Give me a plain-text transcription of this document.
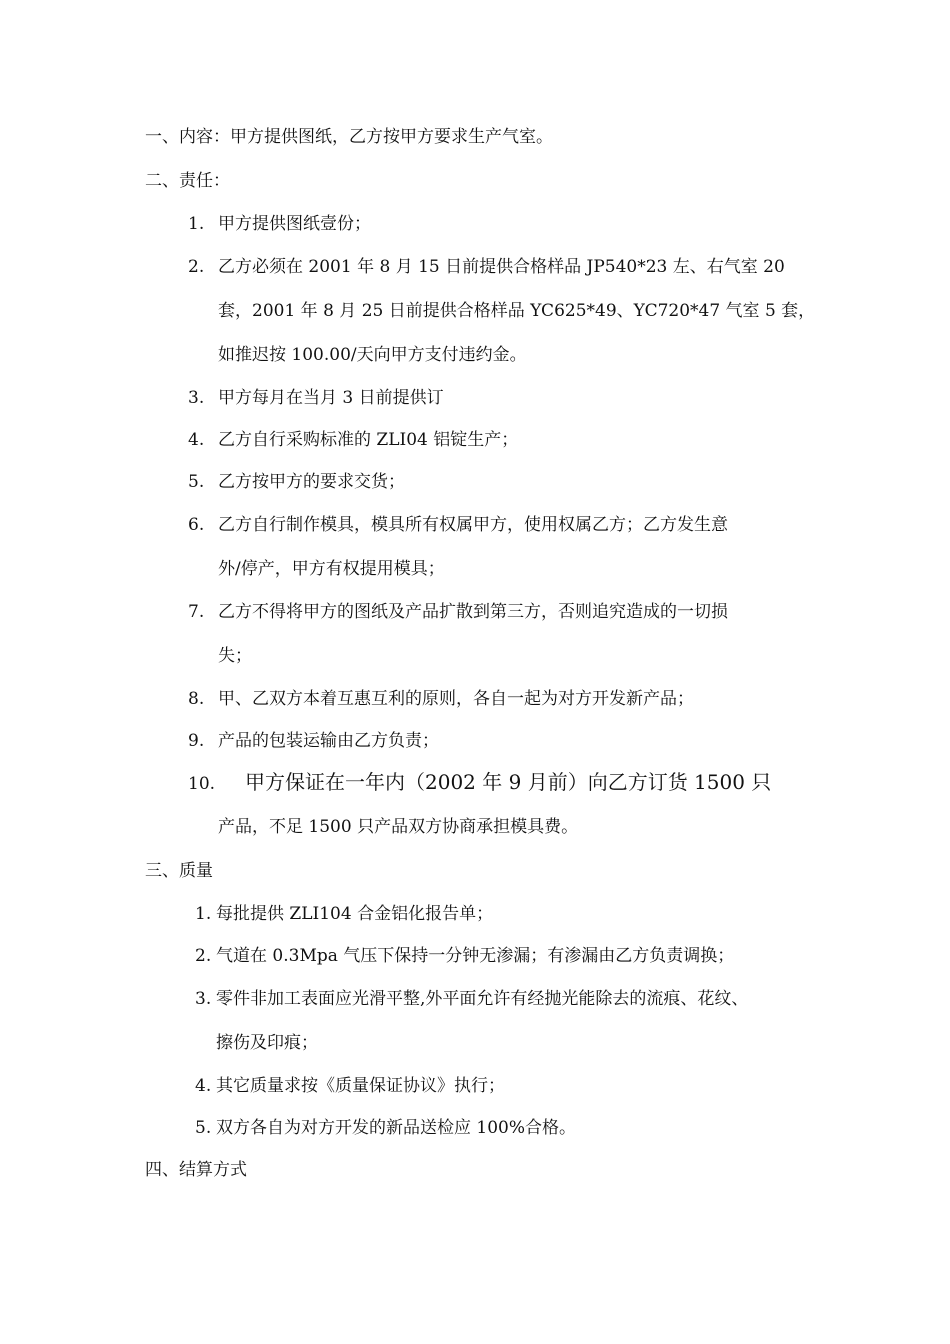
一、内容：甲方提供图纸，乙方按甲方要求生产气室。
二、责任：
1. 甲方提供图纸壹份；
2. 乙方必须在 2001 年 8 月 15 日前提供合格样品 JP540*23 左、右气室 20
套，2001 年 8 月 25 日前提供合格样品 YC625*49、YC720*47 气室 5 套，
如推迟按 100.00/天向甲方支付违约金。
3. 甲方每月在当月 3 日前提供订
4. 乙方自行采购标准的 ZLI04 铝锭生产；
5. 乙方按甲方的要求交货；
6. 乙方自行制作模具，模具所有权属甲方，使用权属乙方；乙方发生意
外/停产，甲方有权提用模具；
7. 乙方不得将甲方的图纸及产品扩散到第三方，否则追究造成的一切损
失；
8. 甲、乙双方本着互惠互利的原则，各自一起为对方开发新产品；
9. 产品的包装运输由乙方负责；
10. 甲方保证在一年内（2002 年 9 月前）向乙方订货 1500 只
产品，不足 1500 只产品双方协商承担模具费。
三、质量
1. 每批提供 ZLI104 合金铝化报告单；
2. 气道在 0.3Mpa 气压下保持一分钟无渗漏；有渗漏由乙方负责调换；
3. 零件非加工表面应光滑平整,外平面允许有经抛光能除去的流痕、花纹、
擦伤及印痕；
4. 其它质量求按《质量保证协议》执行；
5. 双方各自为对方开发的新品送检应 100%合格。
四、结算方式
